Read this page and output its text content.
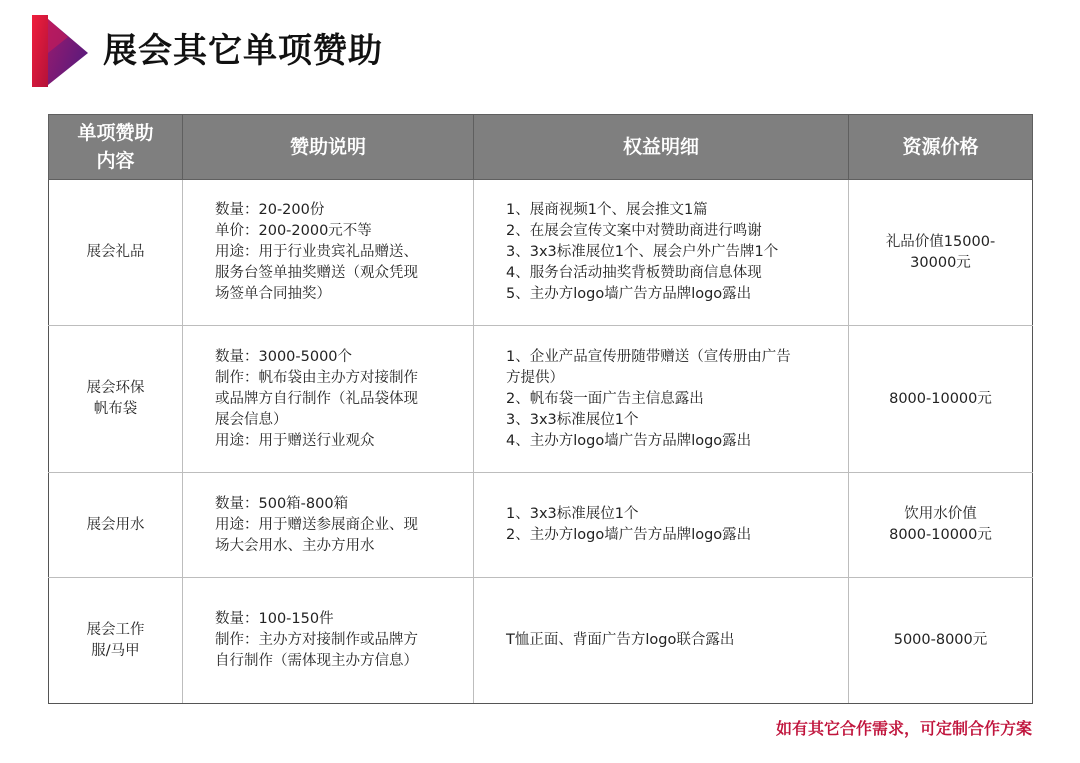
展会其它单项赞助
单项赞助
内容	赞助说明	权益明细	资源价格
展会礼品	数量：20-200份
单价：200-2000元不等
用途：用于行业贵宾礼品赠送、
服务台签单抽奖赠送（观众凭现
场签单合同抽奖）	1、展商视频1个、展会推文1篇
2、在展会宣传文案中对赞助商进行鸣谢
3、3x3标准展位1个、展会户外广告牌1个
4、服务台活动抽奖背板赞助商信息体现
5、主办方logo墙广告方品牌logo露出	礼品价值15000-
30000元

展会环保
帆布袋	数量：3000-5000个
制作：帆布袋由主办方对接制作
或品牌方自行制作（礼品袋体现
展会信息）
用途：用于赠送行业观众	1、企业产品宣传册随带赠送（宣传册由广告
方提供）
2、帆布袋一面广告主信息露出
3、3x3标准展位1个
4、主办方logo墙广告方品牌logo露出	8000-10000元

展会用水	数量：500箱-800箱
用途：用于赠送参展商企业、现
场大会用水、主办方用水	1、3x3标准展位1个
2、主办方logo墙广告方品牌logo露出	饮用水价值
8000-10000元

展会工作
服/马甲	数量：100-150件
制作：主办方对接制作或品牌方
自行制作（需体现主办方信息）	T恤正面、背面广告方logo联合露出	5000-8000元
如有其它合作需求，可定制合作方案
